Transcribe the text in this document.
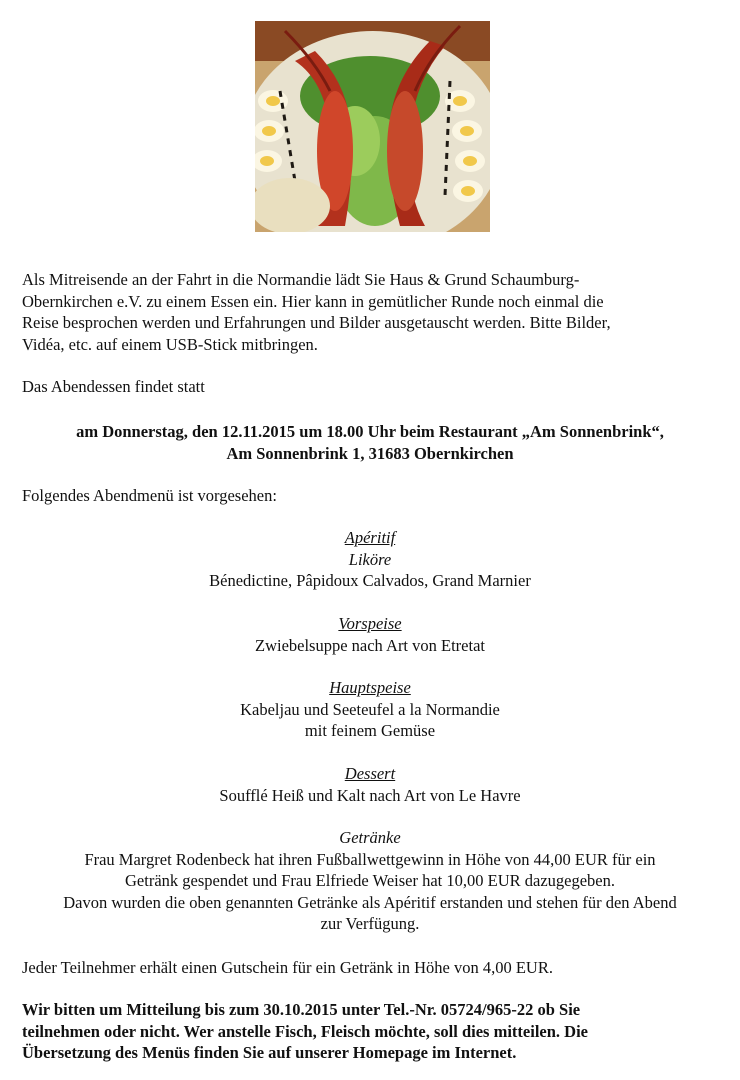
Als Mitreisende an der Fahrt in die Normandie lädt Sie Haus & Grund Schaumburg-

Obernkirchen e.V. zu einem Essen ein. Hier kann in gemütlicher Runde noch einmal die

Reise besprochen werden und Erfahrungen und Bilder ausgetauscht werden. Bitte Bilder,

Vidéa, etc. auf einem USB-Stick mitbringen.

Das Abendessen findet statt
am Donnerstag, den 12.11.2015 um 18.00 Uhr beim Restaurant „Am Sonnenbrink“,
Am Sonnenbrink 1, 31683 Obernkirchen
Folgendes Abendmenü ist vorgesehen:
Apéritif
Liköre
Bénedictine, Pâpidoux Calvados, Grand Marnier
Vorspeise
Zwiebelsuppe nach Art von Etretat
Hauptspeise
Kabeljau und Seeteufel a la Normandie
mit feinem Gemüse
Dessert
Soufflé Heiß und Kalt nach Art von Le Havre
Getränke
Frau Margret Rodenbeck hat ihren Fußballwettgewinn in Höhe von 44,00 EUR für ein
Getränk gespendet und Frau Elfriede Weiser hat 10,00 EUR dazugegeben.
Davon wurden die oben genannten Getränke als Apéritif erstanden und stehen für den Abend
zur Verfügung.
Jeder Teilnehmer erhält einen Gutschein für ein Getränk in Höhe von 4,00 EUR.
Wir bitten um Mitteilung bis zum 30.10.2015 unter Tel.-Nr. 05724/965-22 ob Sie
teilnehmen oder nicht. Wer anstelle Fisch, Fleisch möchte, soll dies mitteilen. Die
Übersetzung des Menüs finden Sie auf unserer Homepage im Internet.
